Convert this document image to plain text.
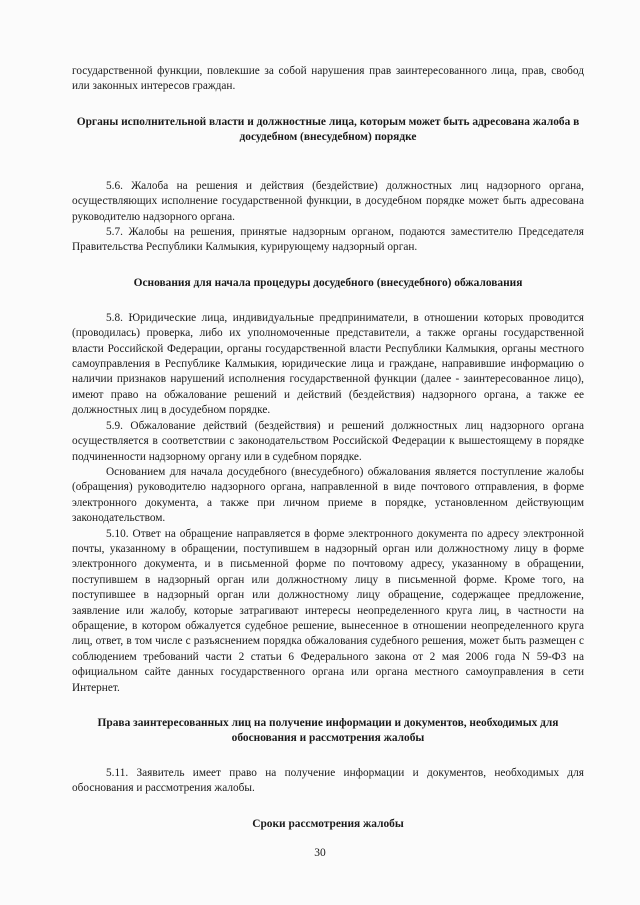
государственной функции, повлекшие за собой нарушения прав заинтересованного лица, прав, свобод или законных интересов граждан.

Органы исполнительной власти и должностные лица, которым может быть адресована жалоба в досудебном (внесудебном) порядке

5.6. Жалоба на решения и действия (бездействие) должностных лиц надзорного органа, осуществляющих исполнение государственной функции, в досудебном порядке может быть адресована руководителю надзорного органа.

5.7. Жалобы на решения, принятые надзорным органом, подаются заместителю Председателя Правительства Республики Калмыкия, курирующему надзорный орган.

Основания для начала процедуры досудебного (внесудебного) обжалования

5.8. Юридические лица, индивидуальные предприниматели, в отношении которых проводится (проводилась) проверка, либо их уполномоченные представители, а также органы государственной власти Российской Федерации, органы государственной власти Республики Калмыкия, органы местного самоуправления в Республике Калмыкия, юридические лица и граждане, направившие информацию о наличии признаков нарушений исполнения государственной функции (далее - заинтересованное лицо), имеют право на обжалование решений и действий (бездействия) надзорного органа, а также ее должностных лиц в досудебном порядке.

5.9. Обжалование действий (бездействия) и решений должностных лиц надзорного органа осуществляется в соответствии с законодательством Российской Федерации к вышестоящему в порядке подчиненности надзорному органу или в судебном порядке.

Основанием для начала досудебного (внесудебного) обжалования является поступление жалобы (обращения) руководителю надзорного органа, направленной в виде почтового отправления, в форме электронного документа, а также при личном приеме в порядке, установленном действующим законодательством.

5.10. Ответ на обращение направляется в форме электронного документа по адресу электронной почты, указанному в обращении, поступившем в надзорный орган или должностному лицу в форме электронного документа, и в письменной форме по почтовому адресу, указанному в обращении, поступившем в надзорный орган или должностному лицу в письменной форме. Кроме того, на поступившее в надзорный орган или должностному лицу обращение, содержащее предложение, заявление или жалобу, которые затрагивают интересы неопределенного круга лиц, в частности на обращение, в котором обжалуется судебное решение, вынесенное в отношении неопределенного круга лиц, ответ, в том числе с разъяснением порядка обжалования судебного решения, может быть размещен с соблюдением требований части 2 статьи 6 Федерального закона от 2 мая 2006 года N 59-ФЗ на официальном сайте данных государственного органа или органа местного самоуправления в сети Интернет.

Права заинтересованных лиц на получение информации и документов, необходимых для обоснования и рассмотрения жалобы

5.11. Заявитель имеет право на получение информации и документов, необходимых для обоснования и рассмотрения жалобы.

Сроки рассмотрения жалобы
30
